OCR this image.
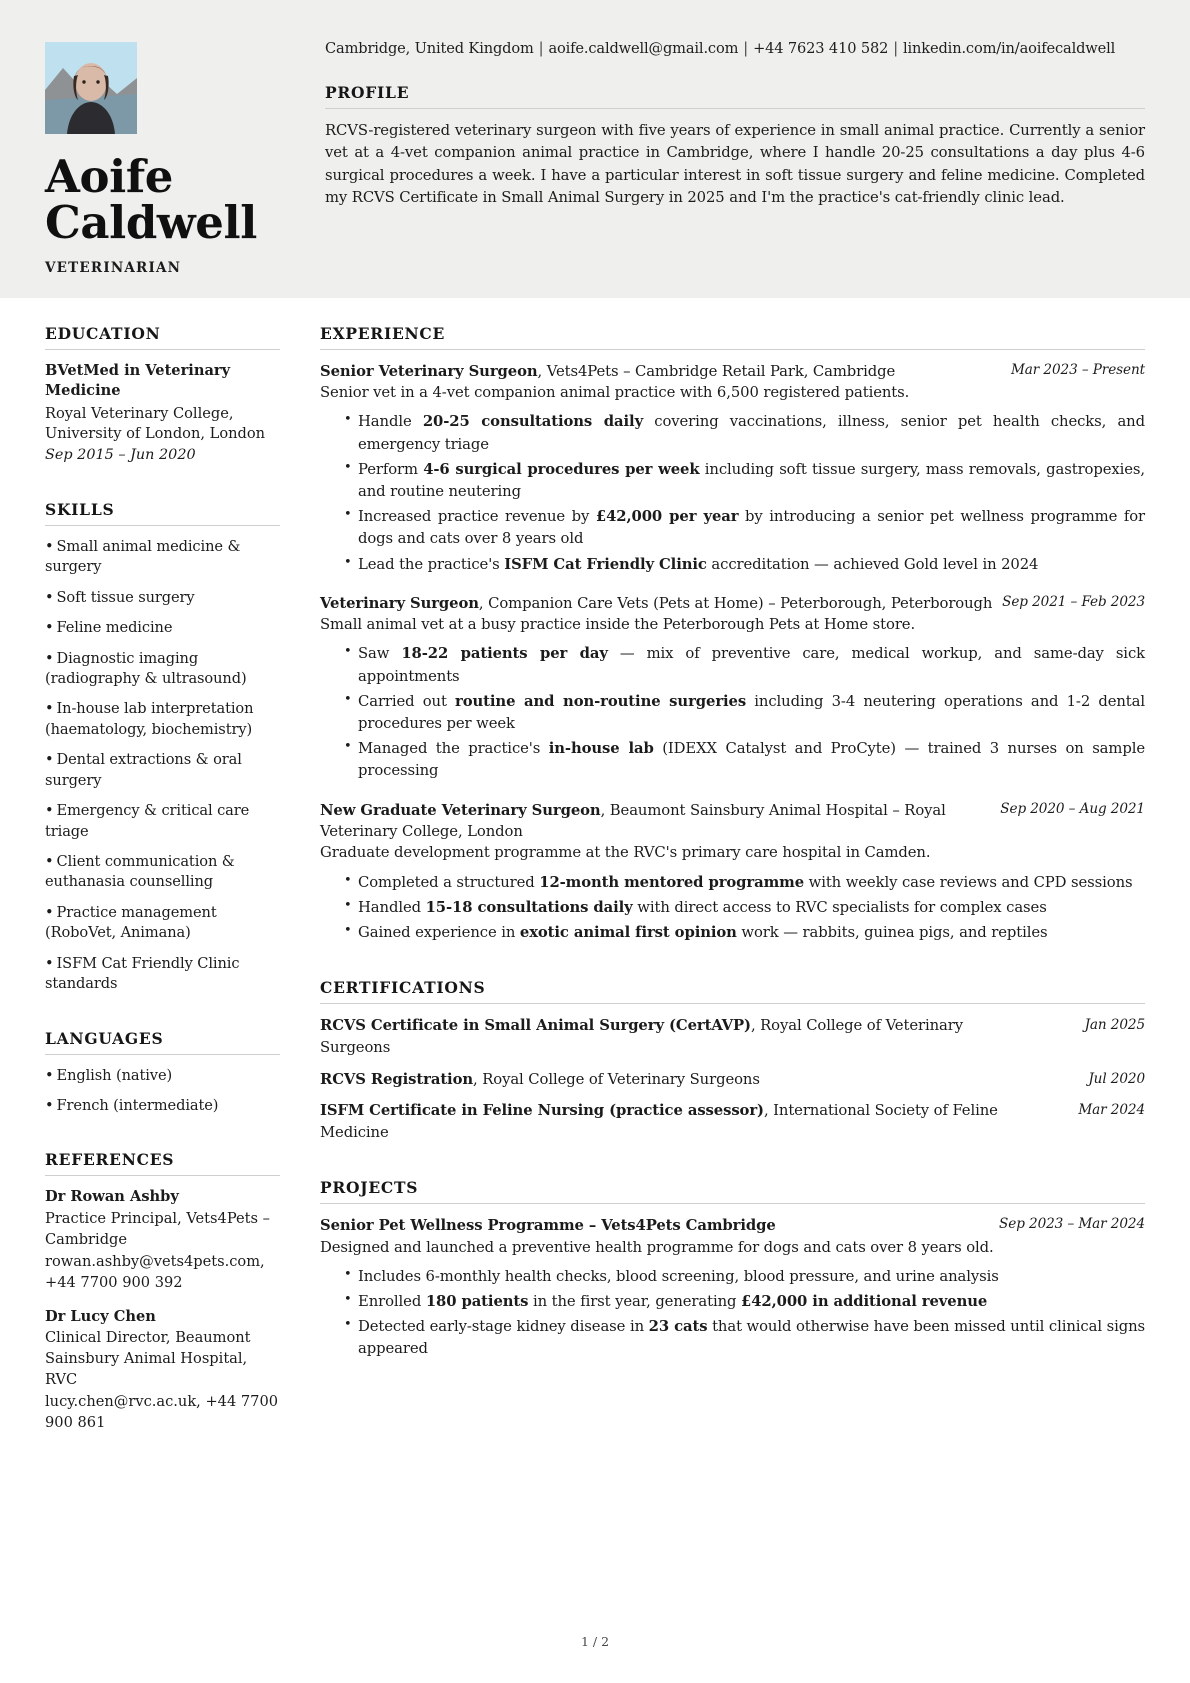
Aoife
Caldwell
VETERINARIAN
Cambridge, United Kingdom | aoife.caldwell@gmail.com | +44 7623 410 582 | linkedin.com/in/aoifecaldwell
PROFILE
RCVS-registered veterinary surgeon with five years of experience in small animal practice. Currently a senior vet at a 4-vet companion animal practice in Cambridge, where I handle 20-25 consultations a day plus 4-6 surgical procedures a week. I have a particular interest in soft tissue surgery and feline medicine. Completed my RCVS Certificate in Small Animal Surgery in 2025 and I'm the practice's cat-friendly clinic lead.
EDUCATION
BVetMed in Veterinary Medicine
Royal Veterinary College, University of London, London
Sep 2015 – Jun 2020
SKILLS
• Small animal medicine & surgery
• Soft tissue surgery
• Feline medicine
• Diagnostic imaging (radiography & ultrasound)
• In-house lab interpretation (haematology, biochemistry)
• Dental extractions & oral surgery
• Emergency & critical care triage
• Client communication & euthanasia counselling
• Practice management (RoboVet, Animana)
• ISFM Cat Friendly Clinic standards
LANGUAGES
• English (native)
• French (intermediate)
REFERENCES
Dr Rowan Ashby
Practice Principal, Vets4Pets – Cambridge
rowan.ashby@vets4pets.com, +44 7700 900 392
Dr Lucy Chen
Clinical Director, Beaumont Sainsbury Animal Hospital, RVC
lucy.chen@rvc.ac.uk, +44 7700 900 861
EXPERIENCE
Senior Veterinary Surgeon, Vets4Pets – Cambridge Retail Park, Cambridge	Mar 2023 – Present
Senior vet in a 4-vet companion animal practice with 6,500 registered patients.
• Handle 20-25 consultations daily covering vaccinations, illness, senior pet health checks, and emergency triage
• Perform 4-6 surgical procedures per week including soft tissue surgery, mass removals, gastropexies, and routine neutering
• Increased practice revenue by £42,000 per year by introducing a senior pet wellness programme for dogs and cats over 8 years old
• Lead the practice's ISFM Cat Friendly Clinic accreditation — achieved Gold level in 2024
Veterinary Surgeon, Companion Care Vets (Pets at Home) – Peterborough, Peterborough Sep 2021 – Feb 2023
Small animal vet at a busy practice inside the Peterborough Pets at Home store.
• Saw 18-22 patients per day — mix of preventive care, medical workup, and same-day sick appointments
• Carried out routine and non-routine surgeries including 3-4 neutering operations and 1-2 dental procedures per week
• Managed the practice's in-house lab (IDEXX Catalyst and ProCyte) — trained 3 nurses on sample processing
New Graduate Veterinary Surgeon, Beaumont Sainsbury Animal Hospital – Royal Veterinary College, London
Sep 2020 – Aug 2021
Graduate development programme at the RVC's primary care hospital in Camden.
• Completed a structured 12-month mentored programme with weekly case reviews and CPD sessions
• Handled 15-18 consultations daily with direct access to RVC specialists for complex cases
• Gained experience in exotic animal first opinion work — rabbits, guinea pigs, and reptiles
CERTIFICATIONS
RCVS Certificate in Small Animal Surgery (CertAVP), Royal College of Veterinary Surgeons
Jan 2025
RCVS Registration, Royal College of Veterinary Surgeons	Jul 2020
ISFM Certificate in Feline Nursing (practice assessor), International Society of Feline Medicine
Mar 2024
PROJECTS
Senior Pet Wellness Programme – Vets4Pets Cambridge	Sep 2023 – Mar 2024
Designed and launched a preventive health programme for dogs and cats over 8 years old.
• Includes 6-monthly health checks, blood screening, blood pressure, and urine analysis
• Enrolled 180 patients in the first year, generating £42,000 in additional revenue
• Detected early-stage kidney disease in 23 cats that would otherwise have been missed until clinical signs appeared
1 / 2
